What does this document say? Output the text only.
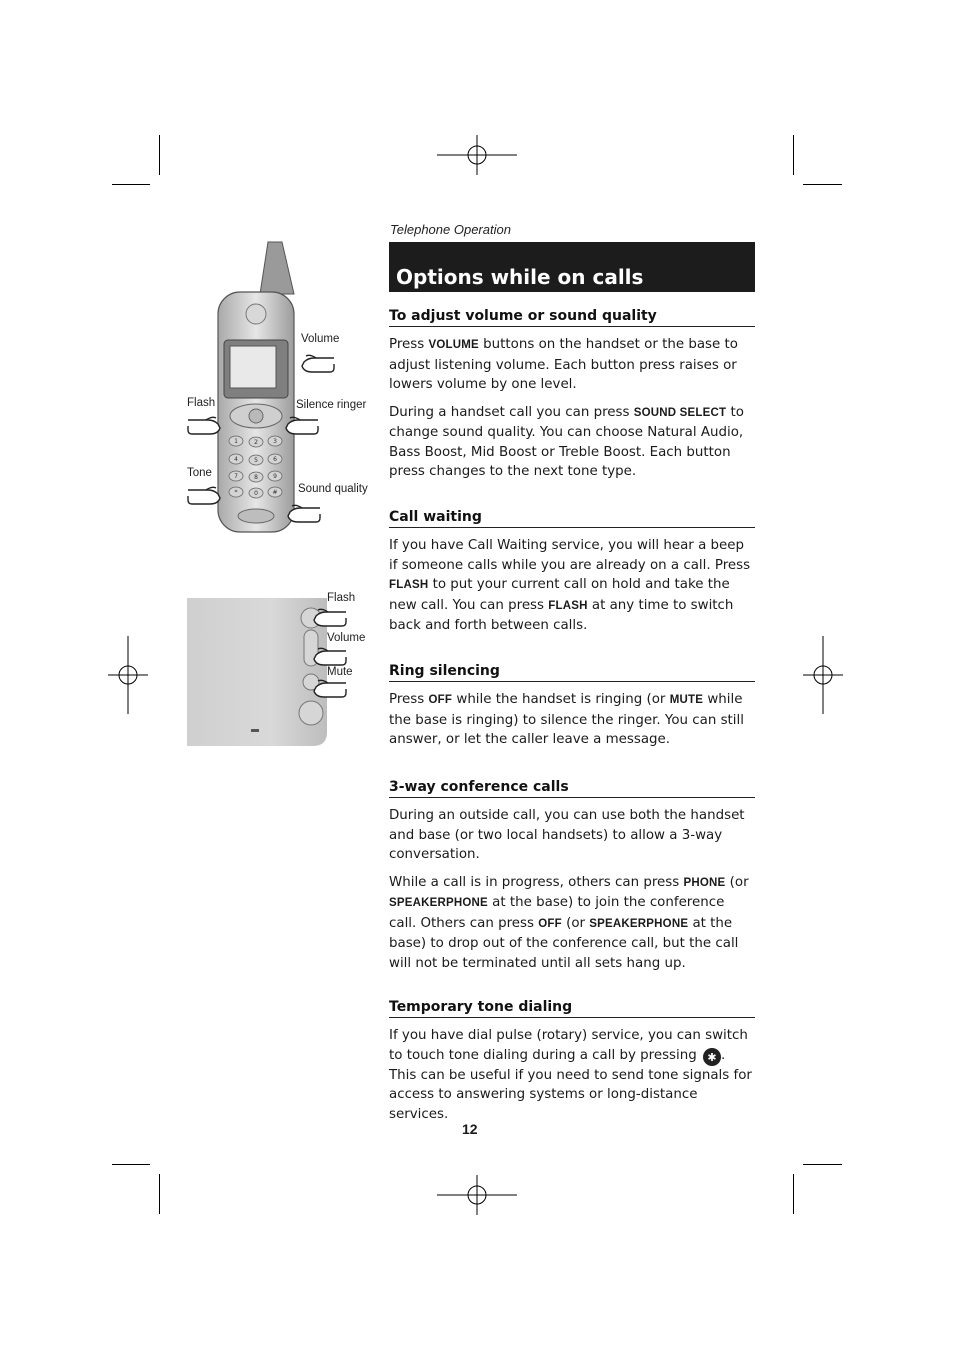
1	2	3
4	5	6
7	8	9
*	0 #
Volume
Flash	Silence ringer
Tone
Sound quality
Flash
Volume
Mute
Telephone Operation
Options while on calls
To adjust volume or sound quality

Press VOLUME buttons on the handset or the base to adjust listening volume. Each button press raises or lowers volume by one level.

During a handset call you can press SOUND SELECT to change sound quality. You can choose Natural Audio, Bass Boost, Mid Boost or Treble Boost. Each button press changes to the next tone type.

Call waiting

If you have Call Waiting service, you will hear a beep if someone calls while you are already on a call. Press FLASH to put your current call on hold and take the new call. You can press FLASH at any time to switch back and forth between calls.

Ring silencing

Press OFF while the handset is ringing (or MUTE while the base is ringing) to silence the ringer. You can still answer, or let the caller leave a message.

3-way conference calls

During an outside call, you can use both the handset and base (or two local handsets) to allow a 3-way conversation.

While a call is in progress, others can press PHONE (or SPEAKERPHONE at the base) to join the conference call. Others can press OFF (or SPEAKERPHONE at the base) to drop out of the conference call, but the call will not be terminated until all sets hang up.

Temporary tone dialing

If you have dial pulse (rotary) service, you can switch to touch tone dialing during a call by pressing ✱ . This can be useful if you need to send tone signals for access to answering systems or long-distance services.

12
